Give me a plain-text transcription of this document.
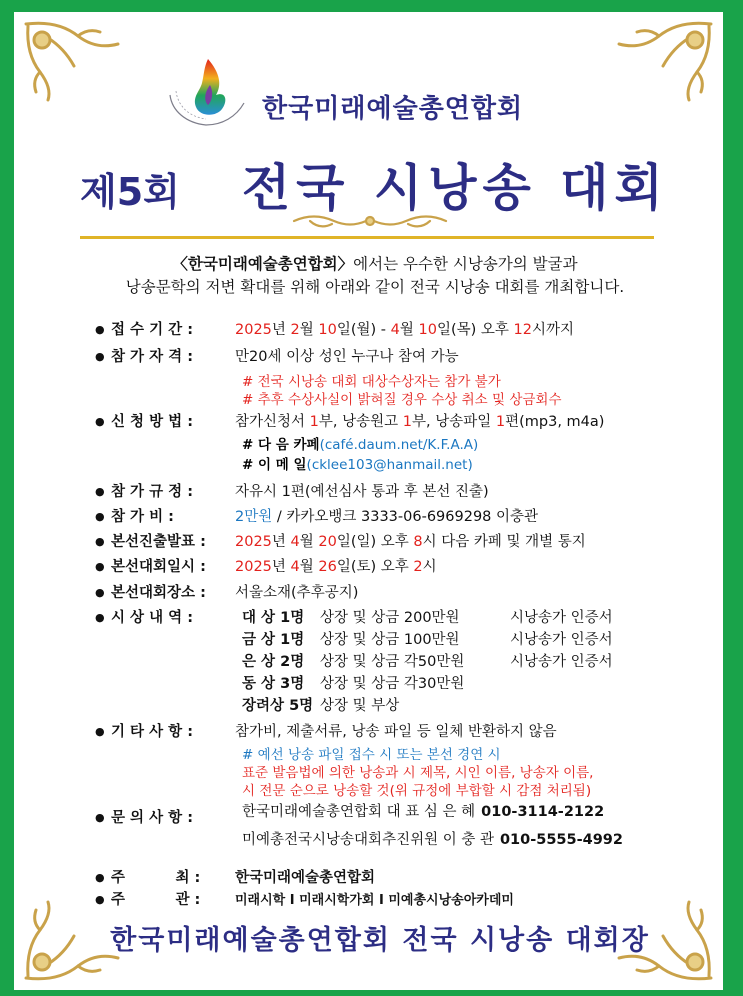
한국미래예술총연합회
제5회 전국 시낭송 대회
〈한국미래예술총연합회〉에서는 우수한 시낭송가의 발굴과
낭송문학의 저변 확대를 위해 아래와 같이 전국 시낭송 대회를 개최합니다.
● 접 수 기 간 :	2025년 2월 10일(월) - 4월 10일(목) 오후 12시까지
● 참 가 자 격 :	만20세 이상 성인 누구나 참여 가능
# 전국 시낭송 대회 대상수상자는 참가 불가
# 추후 수상사실이 밝혀질 경우 수상 취소 및 상금회수
● 신 청 방 법 :	참가신청서 1부, 낭송원고 1부, 낭송파일 1편(mp3, m4a)
# 다 음 카페(café.daum.net/K.F.A.A)
# 이 메 일(cklee103@hanmail.net)
● 참 가 규 정 :	자유시 1편(예선심사 통과 후 본선 진출)
● 참 가 비 :	2만원 / 카카오뱅크 3333-06-6969298 이충관
● 본선진출발표 : 2025년 4월 20일(일) 오후 8시 다음 카페 및 개별 통지
● 본선대회일시 : 2025년 4월 26일(토) 오후 2시
● 본선대회장소 : 서울소재(추후공지)
● 시 상 내 역 :	대 상 1명 상장 및 상금 200만원	시낭송가 인증서
금 상 1명 상장 및 상금 100만원	시낭송가 인증서
은 상 2명 상장 및 상금 각50만원	시낭송가 인증서
동 상 3명 상장 및 상금 각30만원
장려상 5명 상장 및 부상
● 기 타 사 항 :	참가비, 제출서류, 낭송 파일 등 일체 반환하지 않음
# 예선 낭송 파일 접수 시 또는 본선 경연 시
표준 발음법에 의한 낭송과 시 제목, 시인 이름, 낭송자 이름,
시 전문 순으로 낭송할 것(위 규정에 부합할 시 감점 처리됨)
● 문 의 사 항 :	한국미래예술총연합회 대 표 심 은 혜 010-3114-2122
미예총전국시낭송대회추진위원 이 충 관 010-5555-4992
● 주          최 : 한국미래예술총연합회
● 주          관 :	미래시학 I 미래시학가회 I 미예총시낭송아카데미
한국미래예술총연합회 전국 시낭송 대회장
